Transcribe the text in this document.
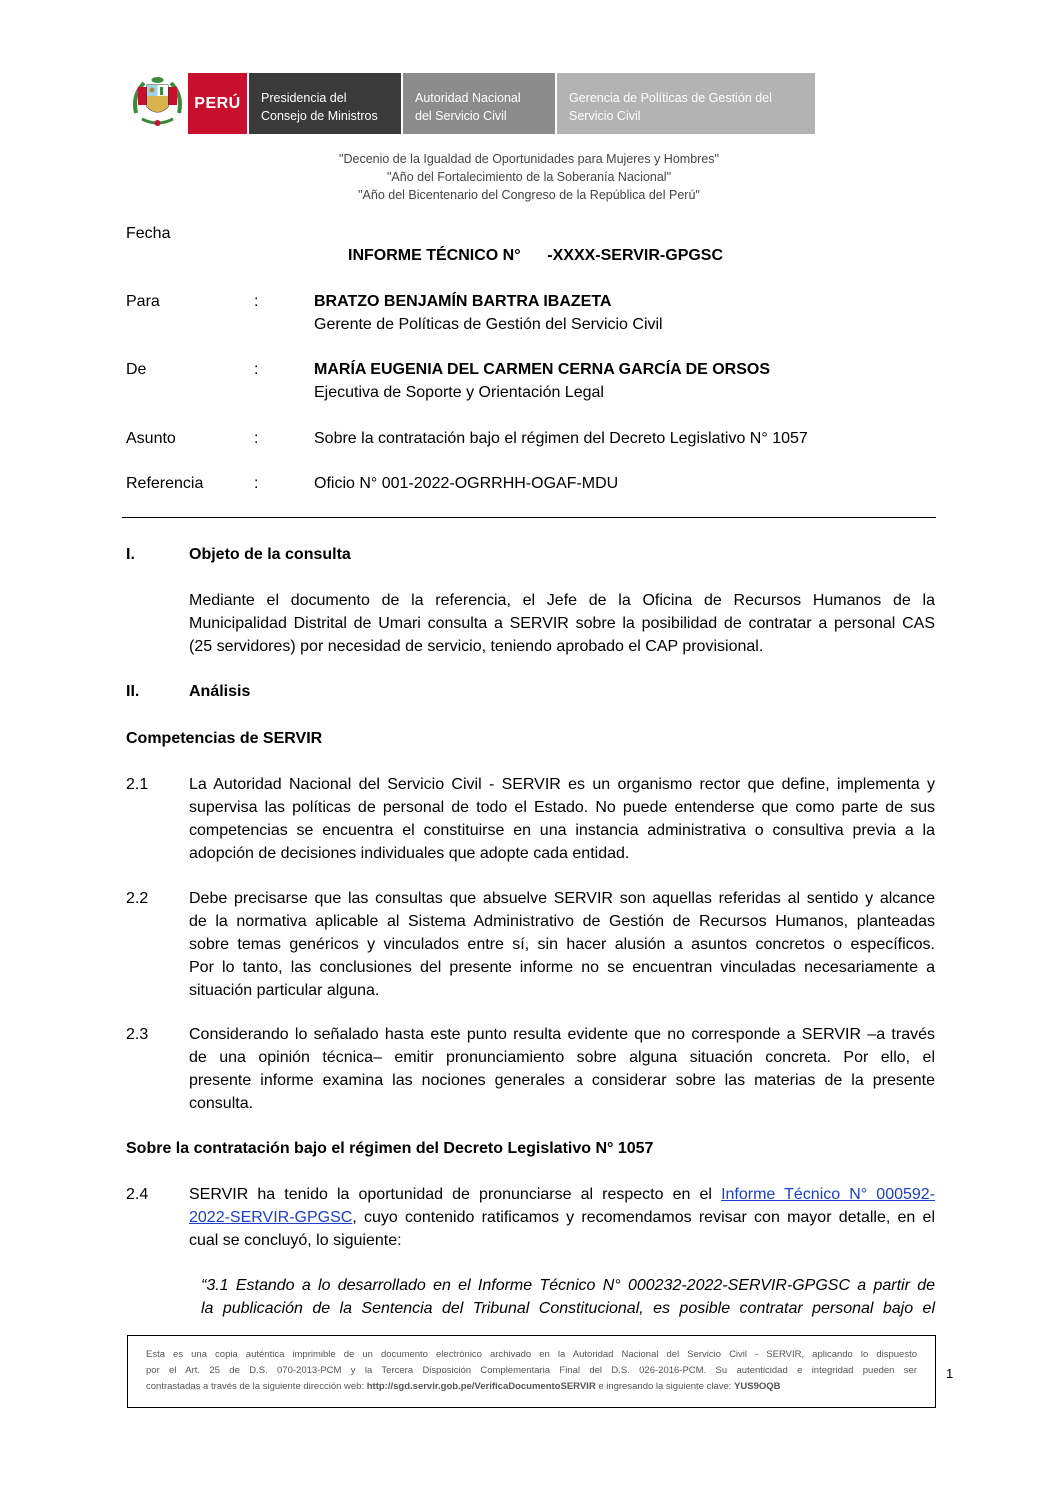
PERÚ	Presidencia del
Consejo de Ministros
Autoridad Nacional
del Servicio Civil
Gerencia de Políticas de Gestión del
Servicio Civil
"Decenio de la Igualdad de Oportunidades para Mujeres y Hombres"
"Año del Fortalecimiento de la Soberanía Nacional"
"Año del Bicentenario del Congreso de la República del Perú"
Fecha
INFORME TÉCNICO N°      -XXXX-SERVIR-GPGSC
Para	:	BRATZO BENJAMÍN BARTRA IBAZETA
Gerente de Políticas de Gestión del Servicio Civil
De	:	MARÍA EUGENIA DEL CARMEN CERNA GARCÍA DE ORSOS
Ejecutiva de Soporte y Orientación Legal
Asunto	:	Sobre la contratación bajo el régimen del Decreto Legislativo N° 1057
Referencia	:	Oficio N° 001-2022-OGRRHH-OGAF-MDU
I.	Objeto de la consulta
Mediante el documento de la referencia, el Jefe de la Oficina de Recursos Humanos de la
Municipalidad Distrital de Umari consulta a SERVIR sobre la posibilidad de contratar a personal CAS
(25 servidores) por necesidad de servicio, teniendo aprobado el CAP provisional.
II.	Análisis
Competencias de SERVIR
2.1	La Autoridad Nacional del Servicio Civil - SERVIR es un organismo rector que define, implementa y
supervisa las políticas de personal de todo el Estado. No puede entenderse que como parte de sus
competencias se encuentra el constituirse en una instancia administrativa o consultiva previa a la
adopción de decisiones individuales que adopte cada entidad.
2.2	Debe precisarse que las consultas que absuelve SERVIR son aquellas referidas al sentido y alcance
de la normativa aplicable al Sistema Administrativo de Gestión de Recursos Humanos, planteadas
sobre temas genéricos y vinculados entre sí, sin hacer alusión a asuntos concretos o específicos.
Por lo tanto, las conclusiones del presente informe no se encuentran vinculadas necesariamente a
situación particular alguna.
2.3	Considerando lo señalado hasta este punto resulta evidente que no corresponde a SERVIR –a través
de una opinión técnica– emitir pronunciamiento sobre alguna situación concreta. Por ello, el
presente informe examina las nociones generales a considerar sobre las materias de la presente
consulta.
Sobre la contratación bajo el régimen del Decreto Legislativo N° 1057
2.4	SERVIR ha tenido la oportunidad de pronunciarse al respecto en el Informe Técnico N° 000592-
2022-SERVIR-GPGSC, cuyo contenido ratificamos y recomendamos revisar con mayor detalle, en el
cual se concluyó, lo siguiente:
“3.1 Estando a lo desarrollado en el Informe Técnico N° 000232-2022-SERVIR-GPGSC a partir de
la publicación de la Sentencia del Tribunal Constitucional, es posible contratar personal bajo el
Esta es una copia auténtica imprimible de un documento electrónico archivado en la Autoridad Nacional del Servicio Civil - SERVIR, aplicando lo dispuesto
por el Art. 25 de D.S. 070-2013-PCM y la Tercera Disposición Complementaria Final del D.S. 026-2016-PCM. Su autenticidad e integridad pueden ser
contrastadas a través de la siguiente dirección web: http://sgd.servir.gob.pe/VerificaDocumentoSERVIR e ingresando la siguiente clave: YUS9OQB
1
